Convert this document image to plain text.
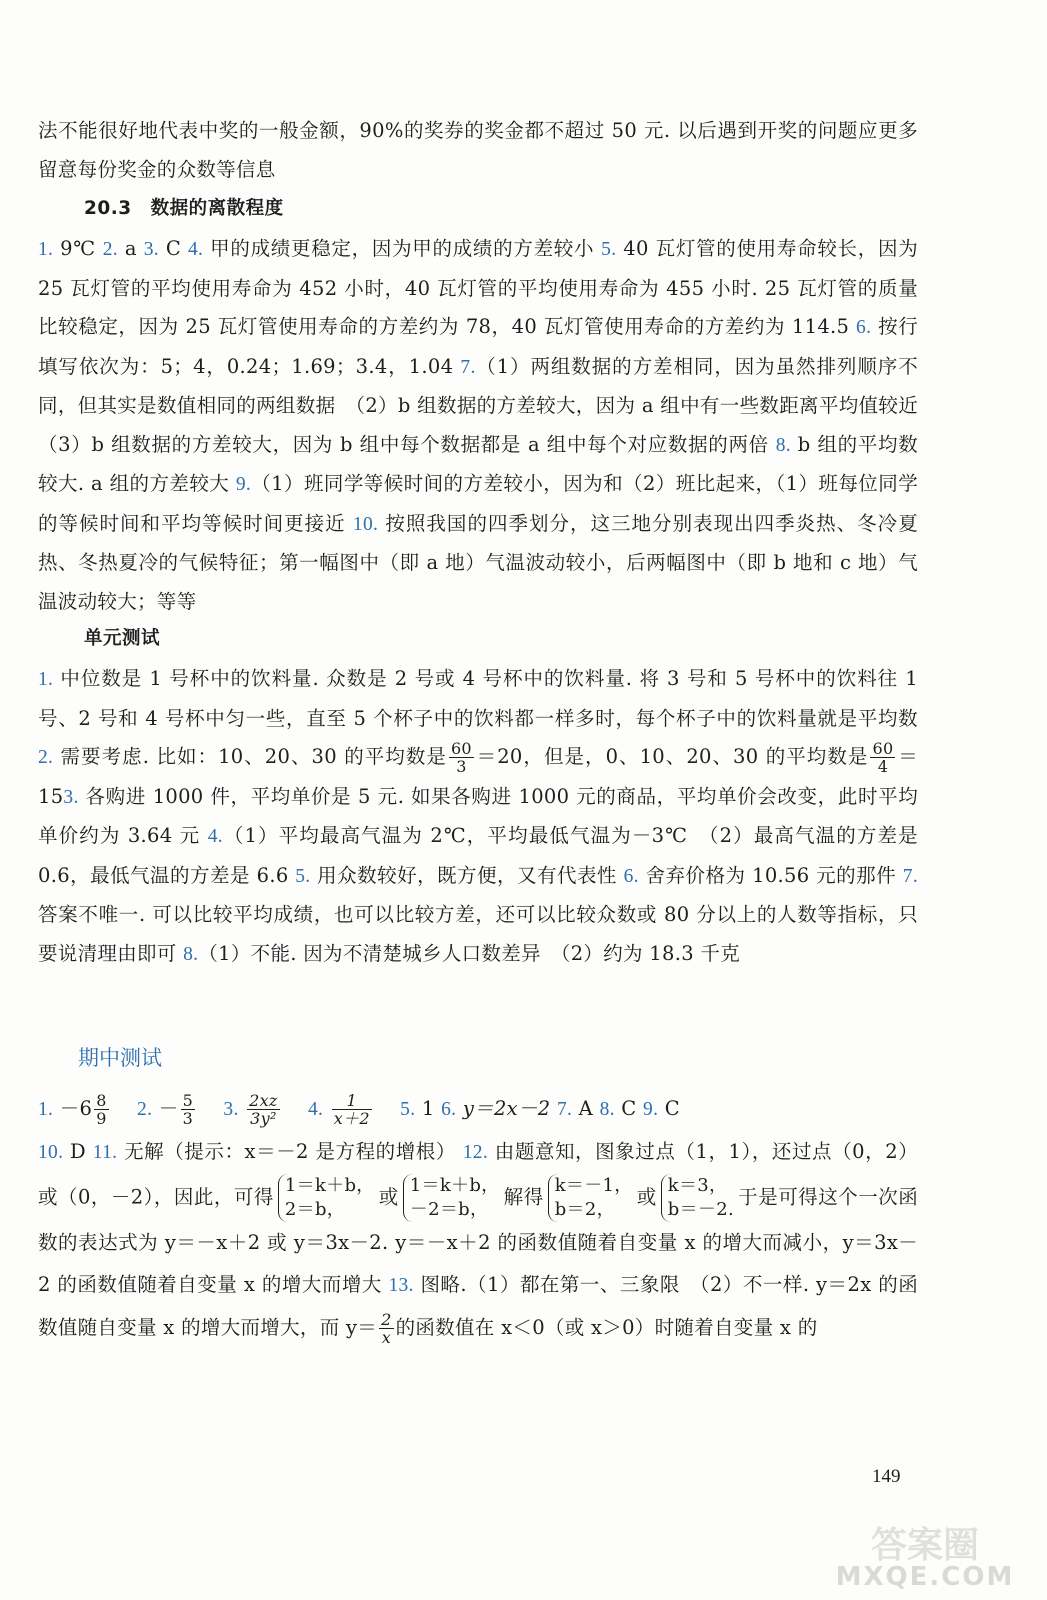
法不能很好地代表中奖的一般金额，90%的奖券的奖金都不超过 50 元. 以后遇到开奖的问题应更多留意每份奖金的众数等信息
20.3　数据的离散程度
1. 9℃ 2. a 3. C 4. 甲的成绩更稳定，因为甲的成绩的方差较小 5. 40 瓦灯管的使用寿命较长，因为 25 瓦灯管的平均使用寿命为 452 小时，40 瓦灯管的平均使用寿命为 455 小时. 25 瓦灯管的质量比较稳定，因为 25 瓦灯管使用寿命的方差约为 78，40 瓦灯管使用寿命的方差约为 114.5 6. 按行填写依次为：5；4，0.24；1.69；3.4，1.04 7.（1）两组数据的方差相同，因为虽然排列顺序不同，但其实是数值相同的两组数据　（2）b 组数据的方差较大，因为 a 组中有一些数距离平均值较近　（3）b 组数据的方差较大，因为 b 组中每个数据都是 a 组中每个对应数据的两倍 8. b 组的平均数较大. a 组的方差较大 9.（1）班同学等候时间的方差较小，因为和（2）班比起来，（1）班每位同学的等候时间和平均等候时间更接近 10. 按照我国的四季划分，这三地分别表现出四季炎热、冬冷夏热、冬热夏冷的气候特征；第一幅图中（即 a 地）气温波动较小，后两幅图中（即 b 地和 c 地）气温波动较大；等等
单元测试
1. 中位数是 1 号杯中的饮料量. 众数是 2 号或 4 号杯中的饮料量. 将 3 号和 5 号杯中的饮料往 1 号、2 号和 4 号杯中匀一些，直至 5 个杯子中的饮料都一样多时，每个杯子中的饮料量就是平均数 2. 需要考虑. 比如：10、20、30 的平均数是 $\frac{60}{3} =20$，但是，0、10、20、30 的平均数是 $\frac{60}{4} =153$. 各购进 1000 件，平均单价是 5 元. 如果各购进 1000 元的商品，平均单价会改变，此时平均单价约为 3.64 元 4.（1）平均最高气温为 2℃，平均最低气温为－3℃　（2）最高气温的方差是 0.6，最低气温的方差是 6.6 5. 用众数较好，既方便，又有代表性 6. 舍弃价格为 10.56 元的那件 7. 答案不唯一. 可以比较平均成绩，也可以比较方差，还可以比较众数或 80 分以上的人数等指标，只要说清理由即可 8.（1）不能. 因为不清楚城乡人口数差异　（2）约为 18.3 千克
期中测试
1. $-6 \frac{8}{9}$
　 2. － $\frac{5}{3}$
　 3. $\frac{2xz}{\text{3y²}}$
　 4. $\frac{1}{x+2}$
　 5. 1 6. y＝2x－2 7. A 8. C 9. C
10. D 11. 无解（提示：x＝－2 是方程的增根） 12. 由题意知，图象过点（1，1），还过点（0，2）或（0，－2），因此，可得 1＝k＋b，
2＝b，
或 1＝k＋b，
－2＝b，
解得 k＝－1，
b＝2，
或 k＝3，
b＝－2.
于是可得这个一次函数的表达式为 y＝－x＋2 或 y＝3x－2. y＝－x＋2 的函数值随着自变量 x 的增大而减小，y＝3x－2 的函数值随着自变量 x 的增大而增大 13. 图略.（1）都在第一、三象限　（2）不一样. y＝2x 的函数值随自变量 x 的增大而增大，而 $y= \frac{2}{x}$ 的函数值在 x＜0（或 x＞0）时随着自变量 x 的
149
答案圈
MXQE.COM
